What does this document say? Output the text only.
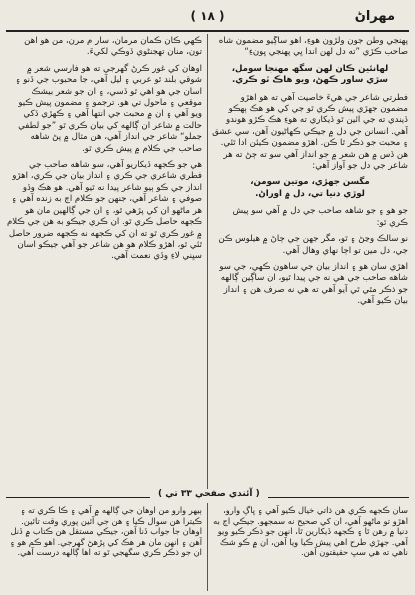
مهراڻ
( ۱۸ )

پهنجي وطن جون ولڙون هوءِ، اهو ساڳيو مضمون شاه صاحب ڪڙي ”ته دل لهن اندا ڀي پهنجي ڀونءِ“

لهانئين ڪان لهن سگھ مهنجا سومل،
سڙي ساور ڪهڻ، ويو هاڪ ٿو ڪري.

فطرتي شاعر جي هيءَ خاصيت آهي ته هو اهڙو مضمون جهڙي پيش ڪري ٿو جي کي هو هڪ ٻهڪو ڏيندي ته جي ائين ٿو ڏيکاري ته هوءِ هڪ ڪڙو هوندو آهي. انسانن جي دل ۾ جيڪي ڪهاڻيون آهن، سي عشق ۽ محبت جو ذڪر ٿا ڪن. اهڙو مضمون ڪيئن ادا ٿئي. هن ڏس ۾ هن شعر ۾ جو انداز آهي سو ته ڄڻ ته هر شاعر جي دل جو آواز آهي:

مگسن جهڙي، موتين سومن،
لوڙي دنيا تي، دل ۾ اوراڻ.

جو هو ۽ جو شاهه صاحب جي دل ۾ آهي سو پيش ڪري ٿو:

نو سالڪ وڃڻ ۽ ٿو، مگر جهن جي ڄاڻ ۾ هيلوس ڪن جي، دل مين تو اڄا نهاي وهال آهي.

اهڙي سان هو ۽ انداز بيان جي ساهون ڪهي، جي سو شاهه صاحب جي هي نه جي پيدا ٿيو، ان ساڳين ڳالهه جو ذڪر مٿي ٿي آيو آهي ته هي نه صرف هن ۽ انداز بيان ڪيو آهي.

ڪهي ڪان ڪمان مرمان، سار م مرن، من هو آهن تون، منان تهجنڻوي ڏوڪي لکيءَ.

اوهان کي غور ڪرڻ گهرجي ته هو فارسي شعر ۾ شوقي بلند ٿو عربي ۽ ليل آهي، جا محبوب جي ڏنو ۽ اسان جي هو اهي ٿو ڏسي، ۽ ان جو شعر بيشڪ موقعي ۽ ماحول تي هو. ترجمو ۽ مضمون پيش ڪيو ويو آهي ۽ ان ۾ محبت جي انتها آهي ۽ ڪهڙي ڏکي حالت ۾ شاعر ان ڳالهه کي بيان ڪري ٿو ”جو لطفي جملو“ شاعر جي انداز آهي، هن مثال ۾ پڻ شاهه صاحب جي ڪلام ۾ پيش ڪري ٿو.

هي جو ڪجهه ڏيکاريو آهي، سو شاهه صاحب جي فطري شاعري جي ڪري ۽ انداز بيان جي ڪري، اهڙو انداز جي ڪو ٻيو شاعر پيدا نه ٿيو آهي. هو هڪ وڏو صوفي ۽ شاعر آهي، جنهن جو ڪلام اڄ به زنده آهي ۽ هر ماڻهو ان کي پڙهي ٿو، ۽ ان جي ڳالهين مان هو ڪجهه حاصل ڪري ٿو. ان ڪري جيڪو به هن جي ڪلام ۾ غور ڪري ٿو ته ان کي ڪجهه نه ڪجهه ضرور حاصل ٿئي ٿو، اهڙو ڪلام هو هن شاعر جو آهي جيڪو اسان سڀني لاءِ وڏي نعمت آهي.

( آئندي صفحي ۳۳ تي )
سان ڪجهه ڪري هن ذاتي خيال ڪيو آهي ۽ ڀاڳ وارو، اهڙو تو ماڻهو آهي، ان کي صحيح نه سمجهو. جيڪي اڄ به دنيا ۾ رهن ٿا ۽ ڪجهه ڏيکارين ٿا، انهن جو ذڪر ڪيو ويو آهي. جهڙي طرح اهي پيش ڪيا ويا آهن، ان ۾ ڪو شڪ ناهي ته هي سڀ حقيقتون آهن.
ٻيهر وارو من اوهان جي ڳالهه ۾ آهي ۽ ڪا ڪري ته ۽ ڪيترا هن سوال ڪيا ۽ هن جي آئين پوري وقت تائين. اوهان جا جواب ڏنا آهن، جيڪي مستقل هن ڪتاب ۾ ڏنل آهن ۽ انهن مان هر هڪ کي پڙهڻ گهرجي. اهو ڪم هو ۽ ان جو ذڪر ڪري سگهجي ٿو ته اها ڳالهه درست آهي.
